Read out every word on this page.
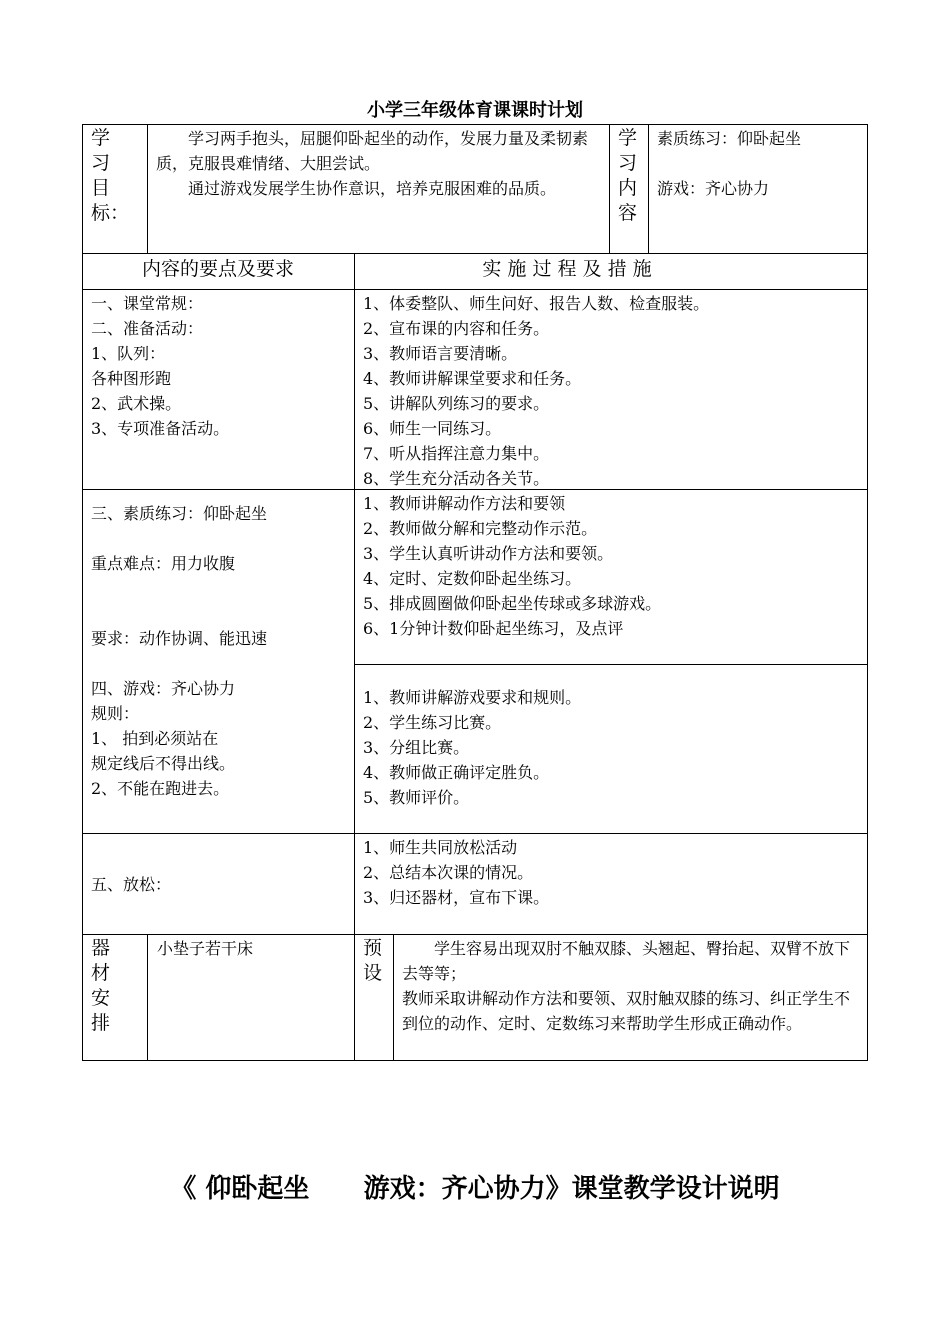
小学三年级体育课课时计划
学习目标：
学习两手抱头，屈腿仰卧起坐的动作，发展力量及柔韧素质，克服畏难情绪、大胆尝试。
通过游戏发展学生协作意识，培养克服困难的品质。
学习内容
素质练习：仰卧起坐
游戏：齐心协力
内容的要点及要求	实 施 过 程 及 措 施
一、课堂常规：
二、准备活动：
1、队列：
各种图形跑
2、武术操。
3、专项准备活动。
1、体委整队、师生问好、报告人数、检查服装。
2、宣布课的内容和任务。
3、教师语言要清晰。
4、教师讲解课堂要求和任务。
5、讲解队列练习的要求。
6、师生一同练习。
7、听从指挥注意力集中。
8、学生充分活动各关节。
三、素质练习：仰卧起坐
重点难点：用力收腹
要求：动作协调、能迅速
四、游戏：齐心协力
规则：
1、 拍到必须站在
规定线后不得出线。
2、不能在跑进去。
1、教师讲解动作方法和要领
2、教师做分解和完整动作示范。
3、学生认真听讲动作方法和要领。
4、定时、定数仰卧起坐练习。
5、排成圆圈做仰卧起坐传球或多球游戏。
6、1分钟计数仰卧起坐练习，及点评
1、教师讲解游戏要求和规则。
2、学生练习比赛。
3、分组比赛。
4、教师做正确评定胜负。
5、教师评价。
五、放松：
1、师生共同放松活动
2、总结本次课的情况。
3、归还器材，宣布下课。
器材安排
小垫子若干床	预设
学生容易出现双肘不触双膝、头翘起、臀抬起、双臂不放下去等等；
教师采取讲解动作方法和要领、双肘触双膝的练习、纠正学生不到位的动作、定时、定数练习来帮助学生形成正确动作。
《 仰卧起坐      游戏：齐心协力》课堂教学设计说明
